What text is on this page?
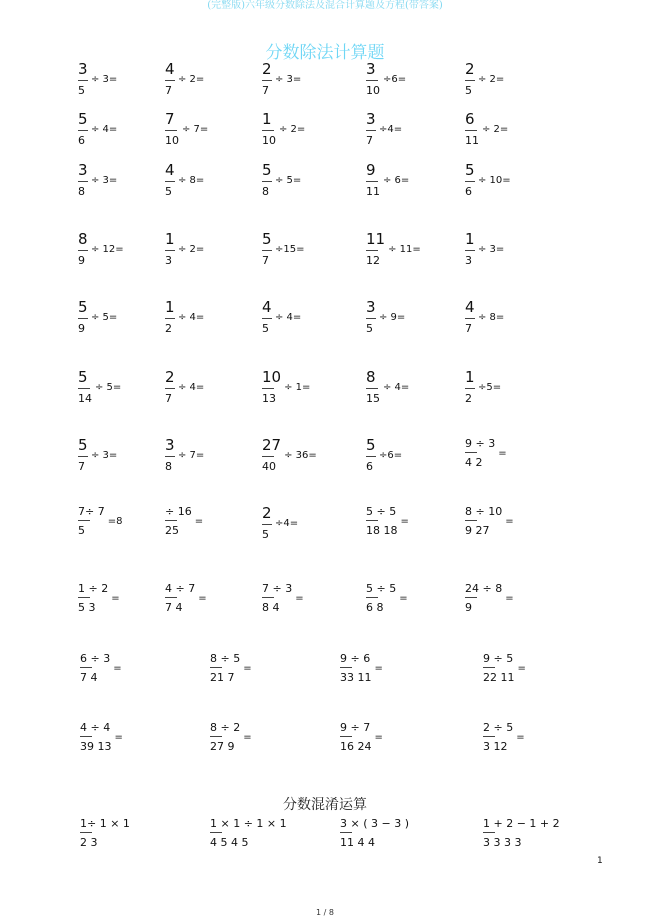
(完整版)六年级分数除法及混合计算题及方程(带答案)
分数除法计算题
$\frac{3}{5} \div 3=$	$\frac{4}{7} \div 2=$	$\frac{2}{7} \div 3=$	$\frac{3}{10} \div 6=$	$\frac{2}{5} \div 2=$
$\frac{5}{6} \div 4=$	$\frac{7}{10} \div 7=$	$\frac{1}{10} \div 2=$	$\frac{3}{7} \div 4=$	$\frac{6}{11} \div 2=$
$\frac{3}{8} \div 3=$	$\frac{4}{5} \div 8=$	$\frac{5}{8} \div 5=$	$\frac{9}{11} \div 6=$	$\frac{5}{6} \div 10=$
$\frac{8}{9} \div 12=$	$\frac{1}{3} \div 2=$	$\frac{5}{7} \div 15=$	$\frac{11}{12} \div 11=$	$\frac{1}{3} \div 3=$
$\frac{5}{9} \div 5=$	$\frac{1}{2} \div 4=$	$\frac{4}{5} \div 4=$	$\frac{3}{5} \div 9=$	$\frac{4}{7} \div 8=$
$\frac{5}{14} \div 5=$	$\frac{2}{7} \div 4=$	$\frac{10}{13} \div 1=$	$\frac{8}{15} \div 4=$	$\frac{1}{2} \div 5=$
$\frac{5}{7} \div 3=$	$\frac{3}{8} \div 7=$	$\frac{27}{40} \div 36=$	$\frac{5}{6} \div 6=$	$\frac{9 \div 3}{4 2}$ =
$\frac{7\div 7}{5} =8$	$\frac{\div 16}{25}$ =	$\frac{2}{5} \div 4=$	$\frac{5 \div 5}{18 18}$ =	$\frac{8 \div 10}{9 27}$ =
$\frac{1 \div 2}{5 3}$ =	$\frac{4 \div 7}{7 4}$ =	$\frac{7 \div 3}{8 4}$ =	$\frac{5 \div 5}{6 8}$ =	$\frac{24 \div 8}{9}$ =
$\frac{6 \div 3}{7 4}$ =	$\frac{8 \div 5}{21 7}$ =	$\frac{9 \div 6}{33 11}$ =	$\frac{9 \div 5}{22 11}$ =
$\frac{4 \div 4}{39 13}$ =	$\frac{8 \div 2}{27 9}$ =	$\frac{9 \div 7}{16 24}$ =	$\frac{2 \div 5}{3 12}$ =
$\frac{1\div 1 \times 1}{2 3}$	$\frac{1 \times 1 \div 1 \times 1}{4 5 4 5}$	$\frac{3 \times ( 3 - 3 )}{11 4 4}$	$\frac{1 + 2 - 1 + 2}{3 3 3 3}$
分数混淆运算
1
1 / 8
